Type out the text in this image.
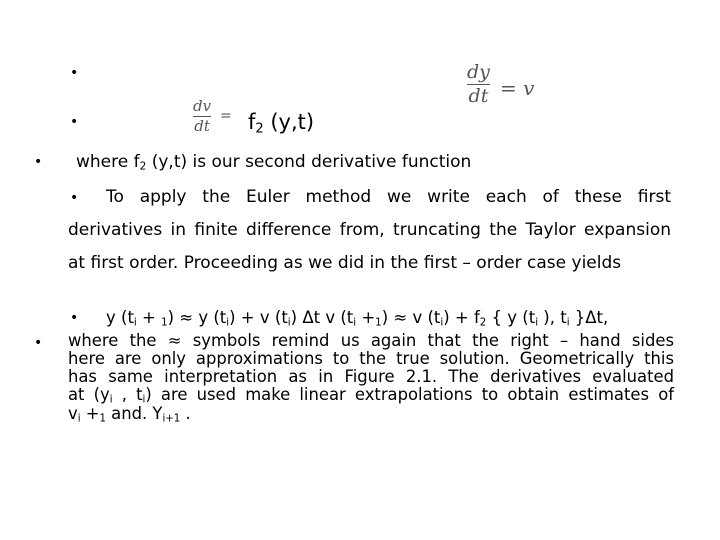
•	dy
dt = v
•
dv
dt
= $f_2$ (y,t)
• where $f_2$ (y,t) is our second derivative function
• To apply the Euler method we write each of these first
derivatives in finite difference from, truncating the Taylor expansion
at first order. Proceeding as we did in the first – order case yields
• y $(t_i + _1) \approx y$ $(t_i) + v$ $(t_i)$ Δt v $(t_i +_1) \approx v$ $(t_i) + f_2$ { y ($t_i$ ), $t_i$ }Δt,
• where the ≈ symbols remind us again that the right – hand sides
here are only approximations to the true solution. Geometrically this
has same interpretation as in Figure 2.1. The derivatives evaluated
at ($y_i$ , $t_i$) are used make linear extrapolations to obtain estimates of
$v_i +_1$ and. $Y_{i+1}$ .
